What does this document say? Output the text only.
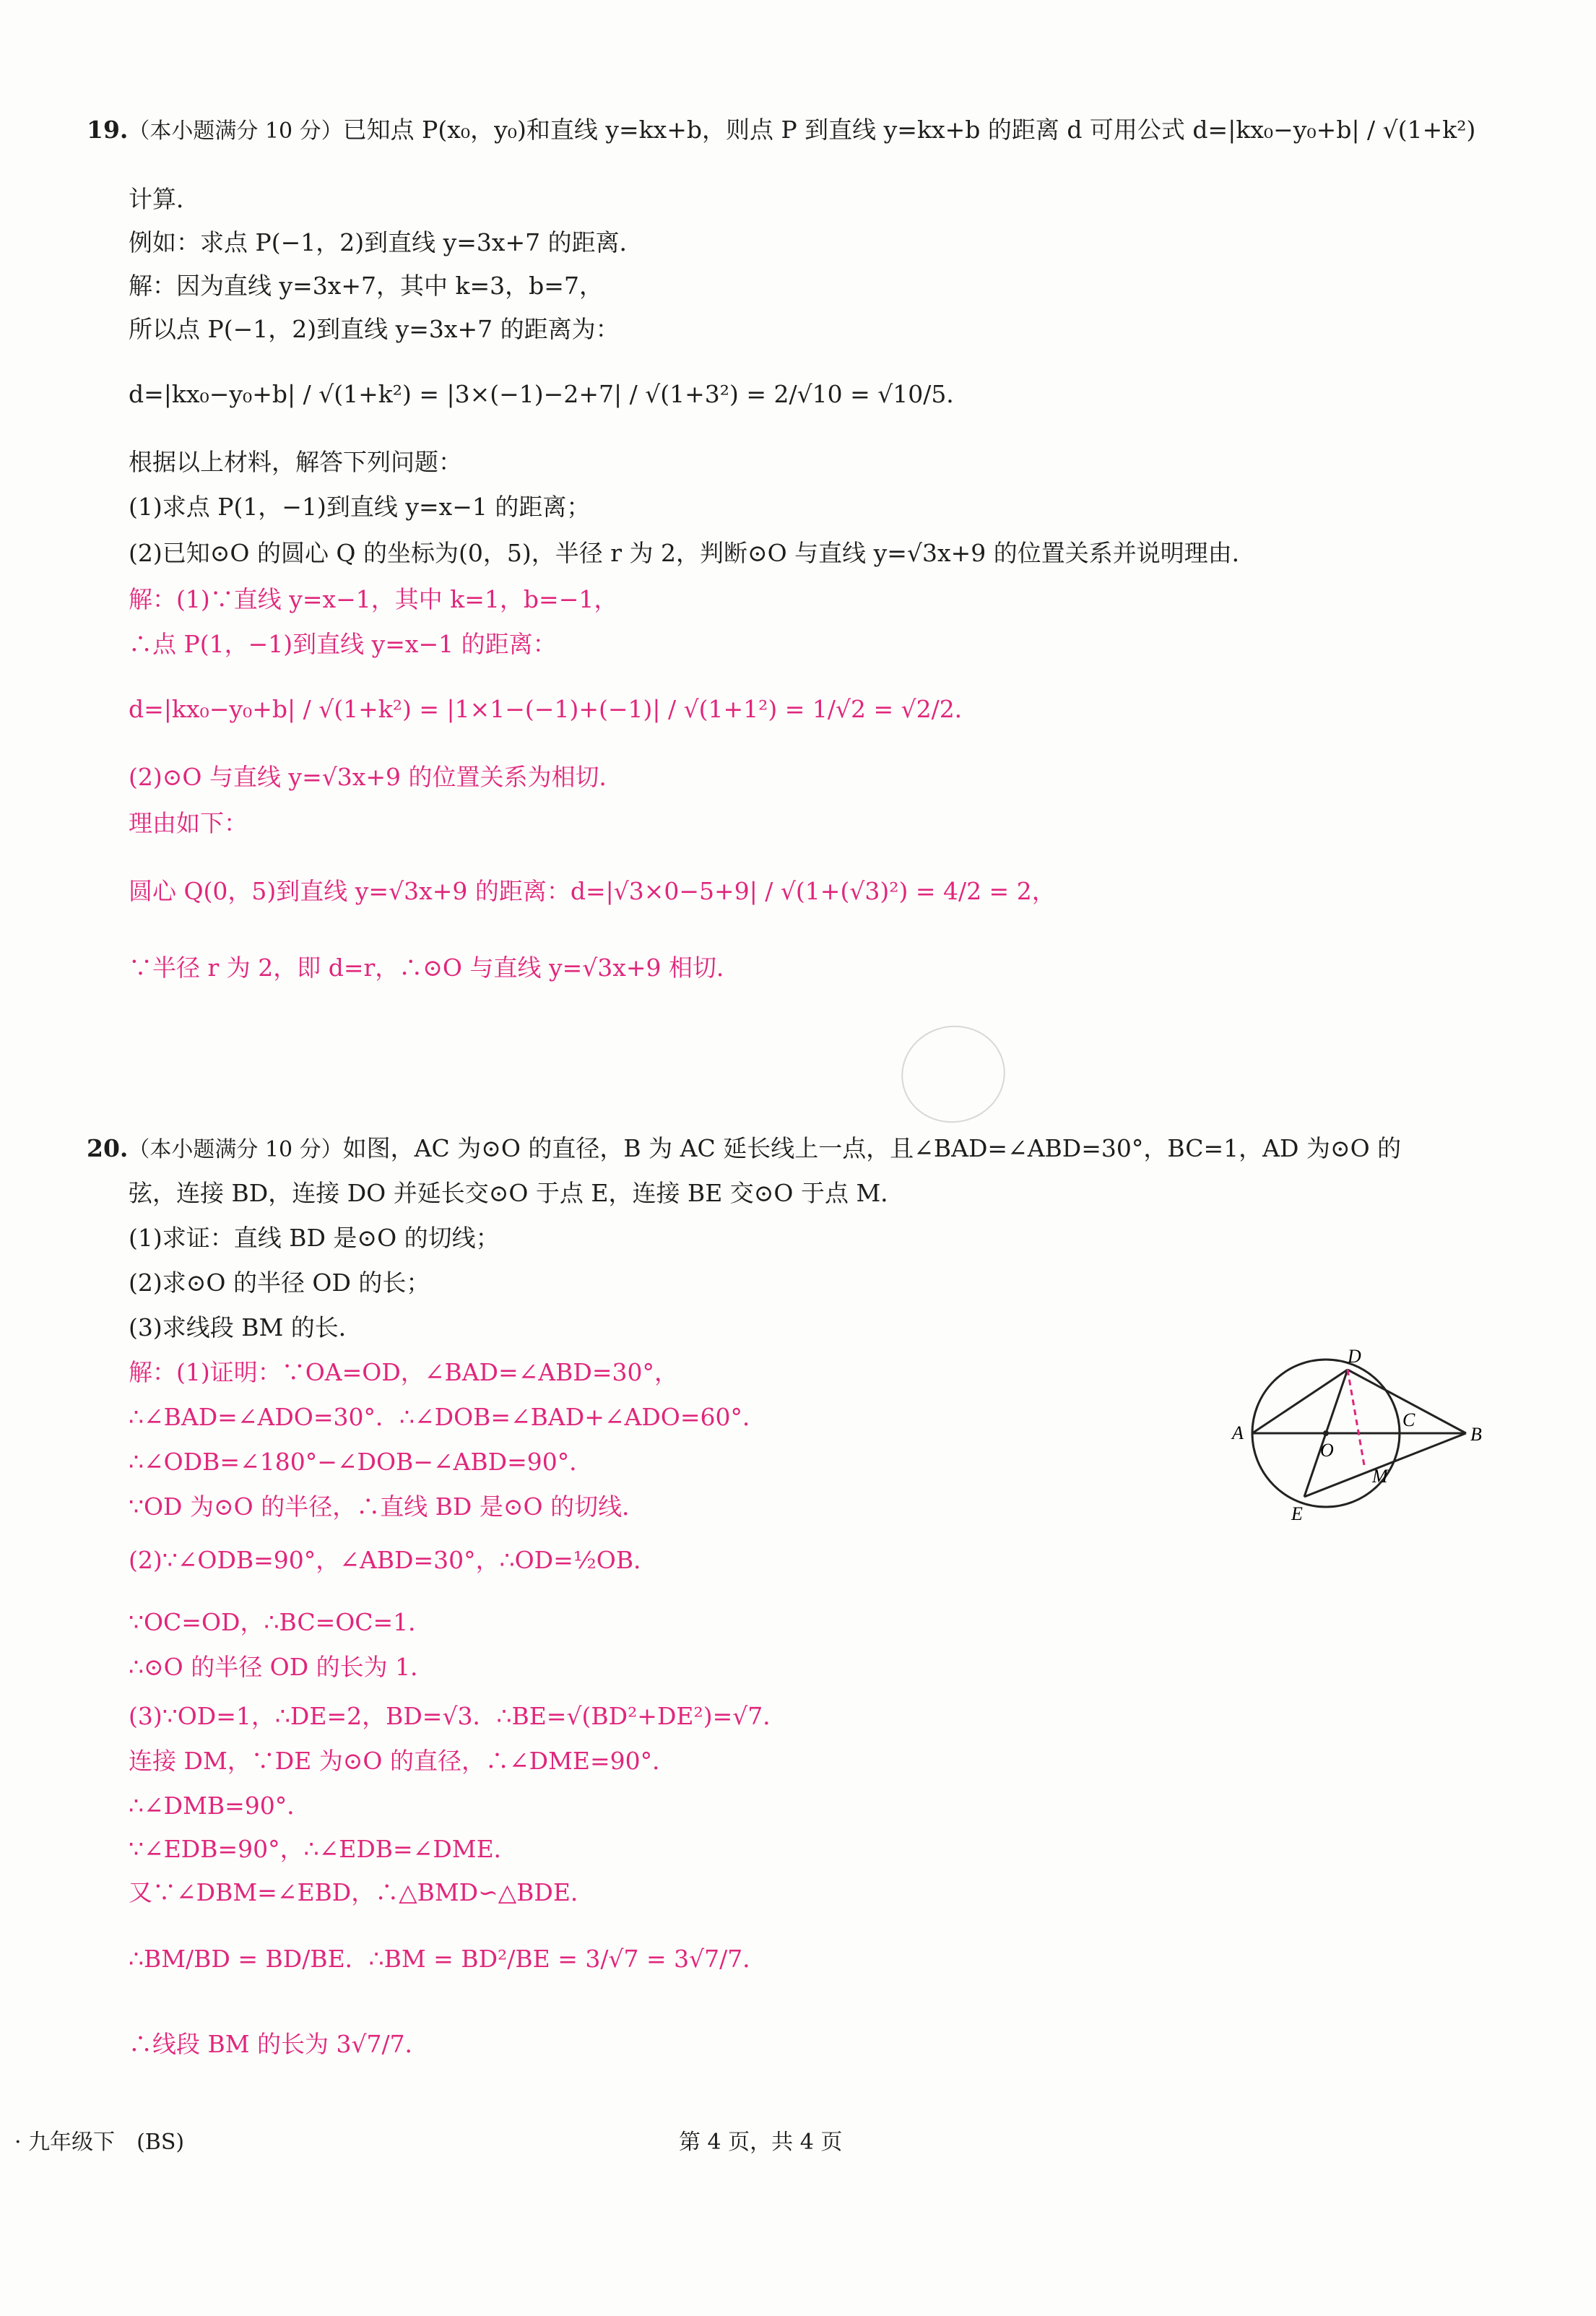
19.（本小题满分 10 分）已知点 P(x₀，y₀)和直线 y=kx+b，则点 P 到直线 y=kx+b 的距离 d 可用公式 d=|kx₀−y₀+b| / √(1+k²)
计算．
例如：求点 P(−1，2)到直线 y=3x+7 的距离．
解：因为直线 y=3x+7，其中 k=3，b=7，
所以点 P(−1，2)到直线 y=3x+7 的距离为：
d=|kx₀−y₀+b| / √(1+k²) = |3×(−1)−2+7| / √(1+3²) = 2/√10 = √10/5．
根据以上材料，解答下列问题：
(1)求点 P(1，−1)到直线 y=x−1 的距离；
(2)已知⊙O 的圆心 Q 的坐标为(0，5)，半径 r 为 2，判断⊙O 与直线 y=√3x+9 的位置关系并说明理由．
解：(1)∵直线 y=x−1，其中 k=1，b=−1，
∴点 P(1，−1)到直线 y=x−1 的距离：
d=|kx₀−y₀+b| / √(1+k²) = |1×1−(−1)+(−1)| / √(1+1²) = 1/√2 = √2/2．
(2)⊙O 与直线 y=√3x+9 的位置关系为相切．
理由如下：
圆心 Q(0，5)到直线 y=√3x+9 的距离：d=|√3×0−5+9| / √(1+(√3)²) = 4/2 = 2，
∵半径 r 为 2，即 d=r，∴⊙O 与直线 y=√3x+9 相切．
20.（本小题满分 10 分）如图，AC 为⊙O 的直径，B 为 AC 延长线上一点，且∠BAD=∠ABD=30°，BC=1，AD 为⊙O 的
弦，连接 BD，连接 DO 并延长交⊙O 于点 E，连接 BE 交⊙O 于点 M．
(1)求证：直线 BD 是⊙O 的切线；
(2)求⊙O 的半径 OD 的长；
(3)求线段 BM 的长．
解：(1)证明：∵OA=OD，∠BAD=∠ABD=30°，
∴∠BAD=∠ADO=30°．∴∠DOB=∠BAD+∠ADO=60°．
∴∠ODB=∠180°−∠DOB−∠ABD=90°．
∵OD 为⊙O 的半径，∴直线 BD 是⊙O 的切线．
(2)∵∠ODB=90°，∠ABD=30°，∴OD=½OB．
∵OC=OD，∴BC=OC=1．
∴⊙O 的半径 OD 的长为 1．
(3)∵OD=1，∴DE=2，BD=√3．∴BE=√(BD²+DE²)=√7．
连接 DM，∵DE 为⊙O 的直径，∴∠DME=90°．
∴∠DMB=90°．
∵∠EDB=90°，∴∠EDB=∠DME．
又∵∠DBM=∠EBD，∴△BMD∽△BDE．
∴BM/BD = BD/BE．∴BM = BD²/BE = 3/√7 = 3√7/7．
∴线段 BM 的长为 3√7/7．
D
A
O
C
B
M
E
· 九年级下　(BS)	第 4 页，共 4 页
